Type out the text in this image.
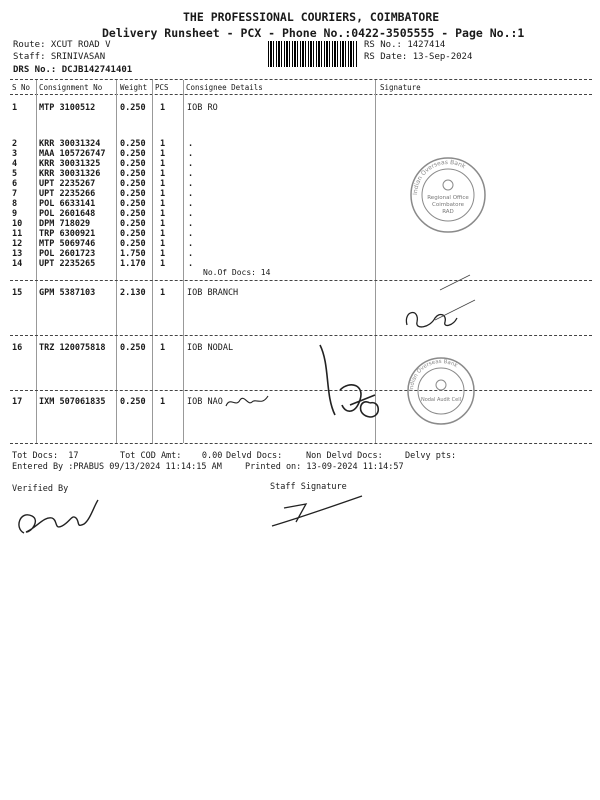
THE PROFESSIONAL COURIERS, COIMBATORE
Delivery Runsheet - PCX - Phone No.:0422-3505555 - Page No.:1
Route: XCUT ROAD V
Staff: SRINIVASAN
DRS No.: DCJB142741401
RS No.: 1427414
RS Date: 13-Sep-2024
S No Consignment No Weight PCS Consignee Details	Signature
1	MTP 3100512	0.250 1	IOB RO
2	KRR 30031324 0.250 1	.
3	MAA 105726747 0.250 1	.
4	KRR 30031325 0.250 1	.
5	KRR 30031326 0.250 1	.
6	UPT 2235267	0.250 1	.
7	UPT 2235266	0.250 1	.
8	POL 6633141	0.250 1	.
9	POL 2601648	0.250 1	.
10 DPM 718029	0.250 1	.
11 TRP 6300921	0.250 1	.
12 MTP 5069746	0.250 1	.
13 POL 2601723	1.750 1	.
14 UPT 2235265	1.170 1	.
No.Of Docs: 14
15 GPM 5387103	2.130 1	IOB BRANCH
16 TRZ 120075818 0.250 1	IOB NODAL
17 IXM 507061835 0.250 1	IOB NAO
Indian Overseas Bank
Regional Office
Coimbatore
RAD
Indian Overseas Bank
Nodal Audit Cell
Tot Docs:  17	Tot COD Amt:    0.00 Delvd Docs:	Non Delvd Docs:	Delvy pts:
Entered By :PRABUS 09/13/2024 11:14:15 AM	Printed on: 13-09-2024 11:14:57
Verified By	Staff Signature
